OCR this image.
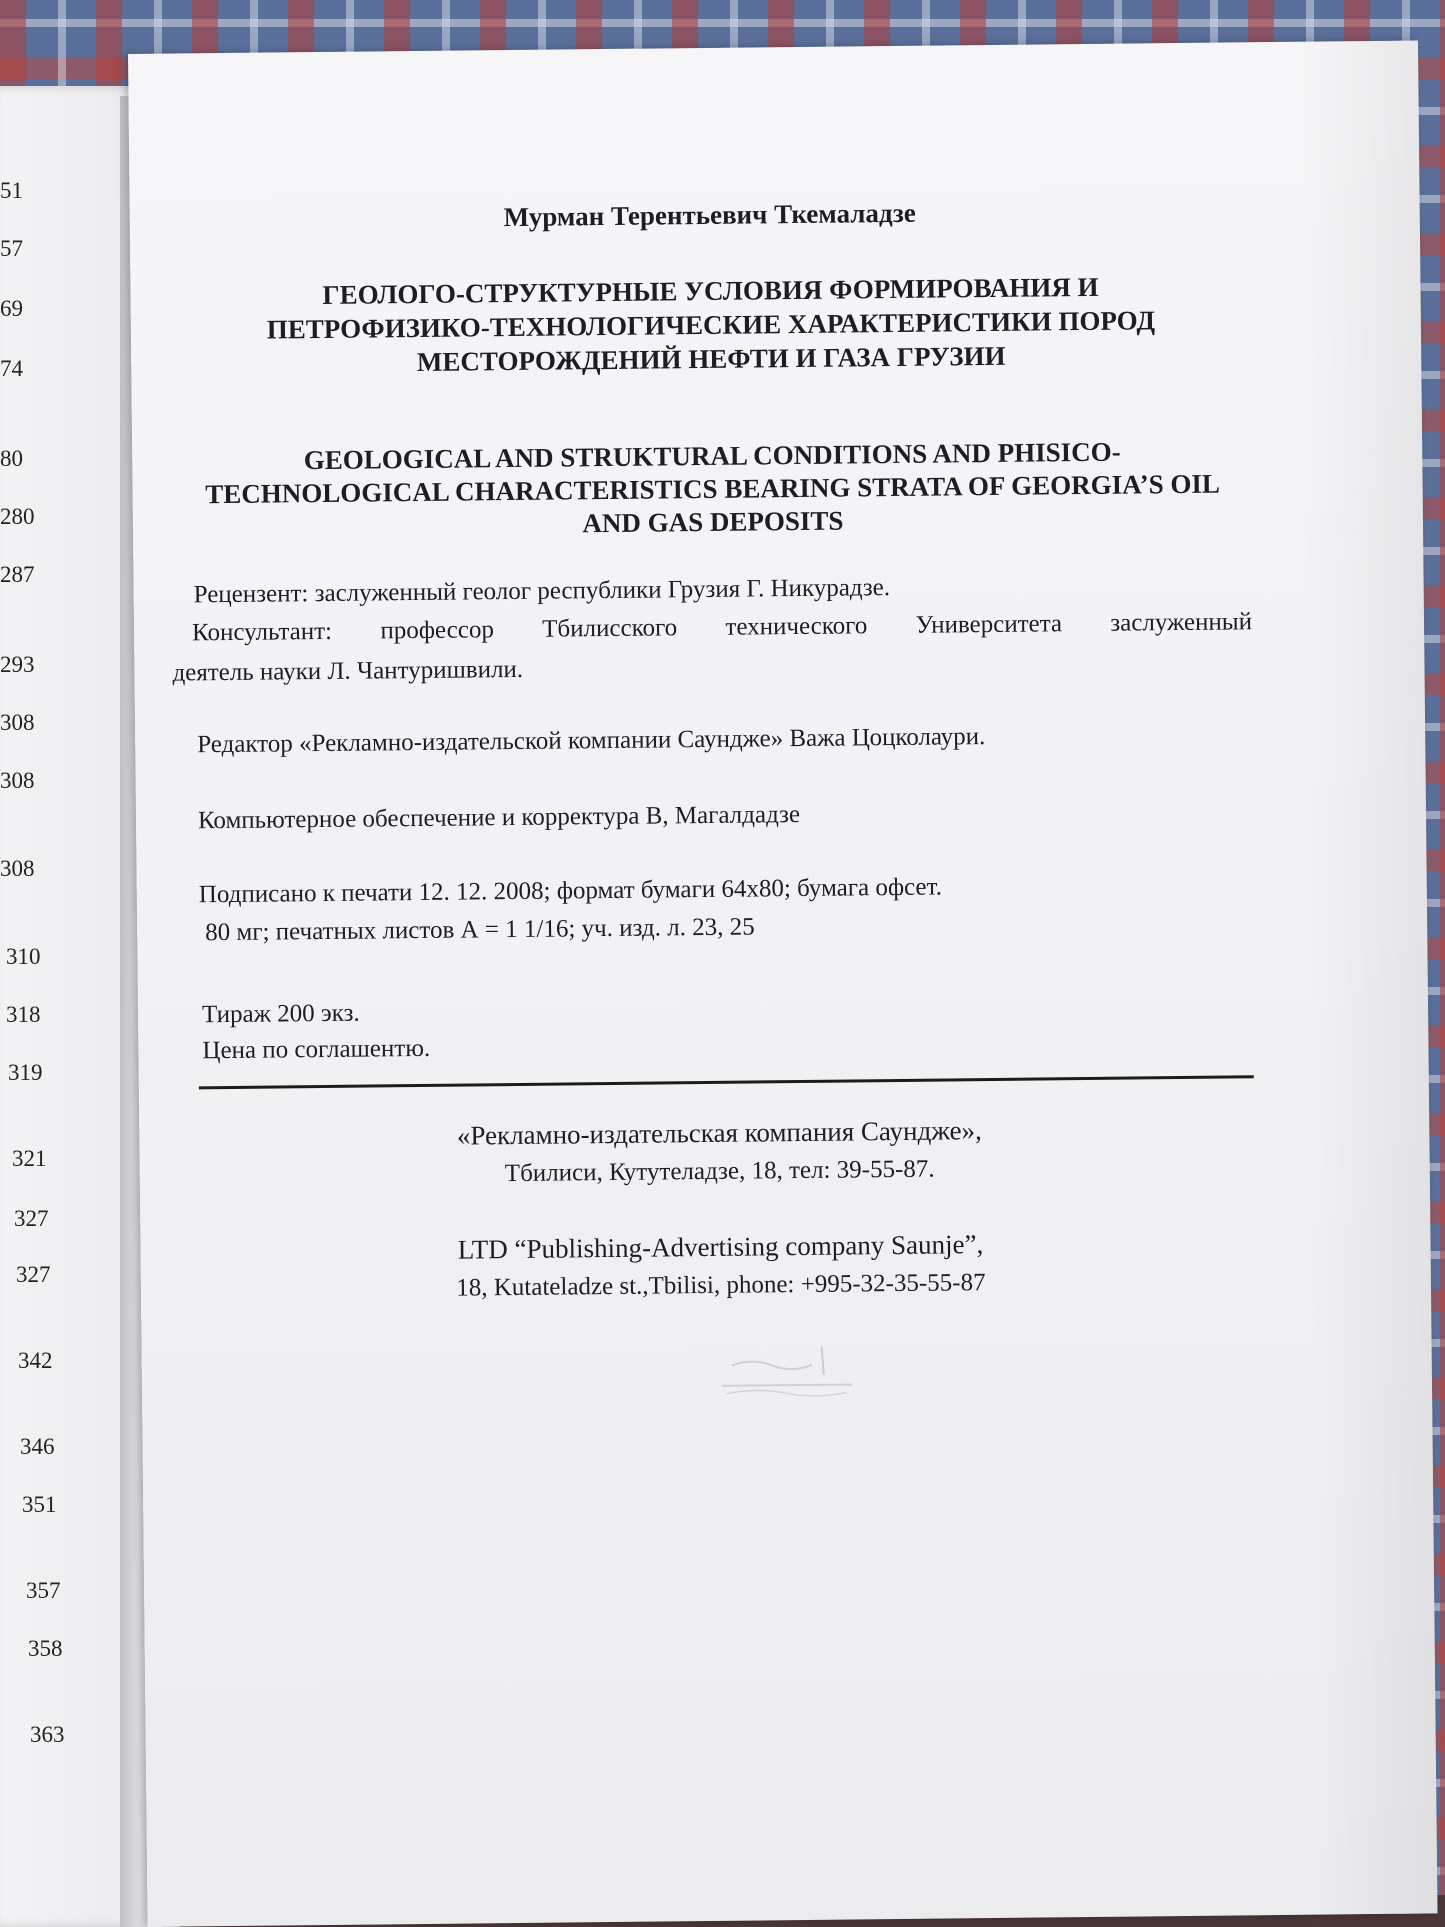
51
57
69
74
80
280
287
293
308
308
308
310
318
319
321
327
327
342
346
351
357
358
363
Мурман Терентьевич Ткемаладзе
ГЕОЛОГО-СТРУКТУРНЫЕ УСЛОВИЯ ФОРМИРОВАНИЯ И
ПЕТРОФИЗИКО-ТЕХНОЛОГИЧЕСКИЕ ХАРАКТЕРИСТИКИ ПОРОД
МЕСТОРОЖДЕНИЙ НЕФТИ И ГАЗА ГРУЗИИ
GEOLOGICAL AND STRUKTURAL CONDITIONS AND PHISICO-
TECHNOLOGICAL CHARACTERISTICS BEARING STRATA OF GEORGIA’S OIL
AND GAS DEPOSITS
Рецензент: заслуженный геолог республики Грузия Г. Никурадзе.
Консультант: профессор Тбилисского технического Университета заслуженный
деятель науки Л. Чантуришвили.
Редактор «Рекламно-издательской компании Саундже» Важа Цоцколаури.
Компьютерное обеспечение и корректура В, Магалдадзе
Подписано к печати 12. 12. 2008; формат бумаги 64х80; бумага офсет.
80 мг; печатных листов А = 1 1/16; уч. изд. л. 23, 25
Тираж 200 экз.
Цена по соглашентю.
«Рекламно-издательская компания Саундже»,
Тбилиси, Кутутеладзе, 18, тел: 39-55-87.
LTD “Publishing-Advertising company Saunje”,
18, Kutateladze st.,Tbilisi, phone: +995-32-35-55-87
